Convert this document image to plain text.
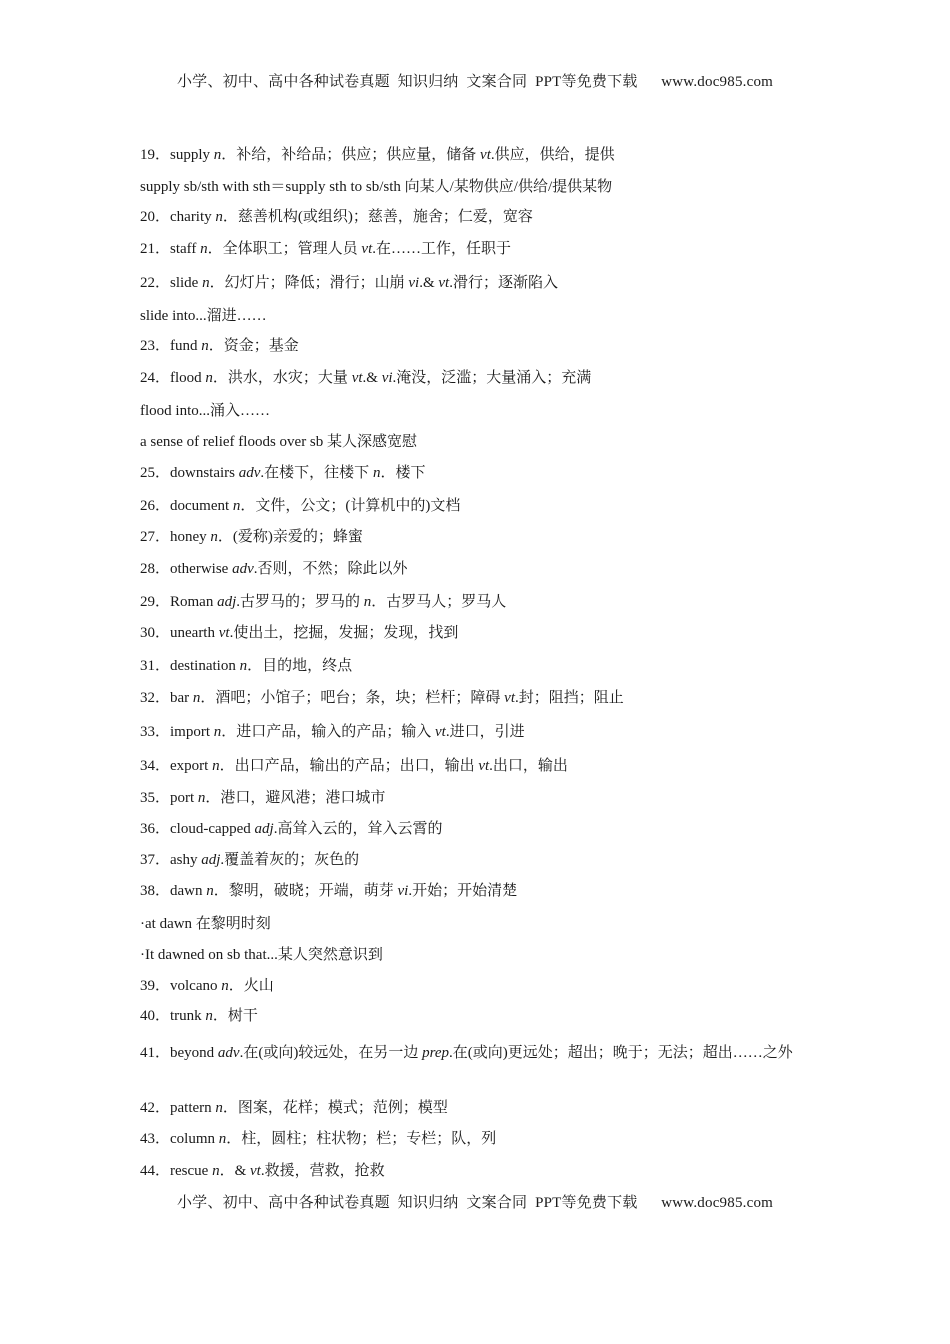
小学、初中、高中各种试卷真题  知识归纳  文案合同  PPT等免费下载      www.doc985.com
19．supply n．补给，补给品；供应；供应量，储备 vt.供应，供给，提供
supply sb/sth with sth＝supply sth to sb/sth 向某人/某物供应/供给/提供某物
20．charity n．慈善机构(或组织)；慈善，施舍；仁爱，宽容
21．staff n．全体职工；管理人员 vt.在……工作，任职于
22．slide n．幻灯片；降低；滑行；山崩 vi.& vt.滑行；逐渐陷入
slide into...溜进……
23．fund n．资金；基金
24．flood n．洪水，水灾；大量 vt.& vi.淹没，泛滥；大量涌入；充满
flood into...涌入……
a sense of relief floods over sb 某人深感宽慰
25．downstairs adv.在楼下，往楼下 n．楼下
26．document n．文件，公文；(计算机中的)文档
27．honey n．(爱称)亲爱的；蜂蜜
28．otherwise adv.否则，不然；除此以外
29．Roman adj.古罗马的；罗马的 n．古罗马人；罗马人
30．unearth vt.使出土，挖掘，发掘；发现，找到
31．destination n．目的地，终点
32．bar n．酒吧；小馆子；吧台；条，块；栏杆；障碍 vt.封；阻挡；阻止
33．import n．进口产品，输入的产品；输入 vt.进口，引进
34．export n．出口产品，输出的产品；出口，输出 vt.出口，输出
35．port n．港口，避风港；港口城市
36．cloud-capped adj.高耸入云的，耸入云霄的
37．ashy adj.覆盖着灰的；灰色的
38．dawn n．黎明，破晓；开端，萌芽 vi.开始；开始清楚
·at dawn 在黎明时刻
·It dawned on sb that...某人突然意识到
39．volcano n．火山
40．trunk n．树干
41．beyond adv.在(或向)较远处，在另一边 prep.在(或向)更远处；超出；晚于；无法；超出……之外
42．pattern n．图案，花样；模式；范例；模型
43．column n．柱，圆柱；柱状物；栏；专栏；队，列
44．rescue n．& vt.救援，营救，抢救
小学、初中、高中各种试卷真题  知识归纳  文案合同  PPT等免费下载      www.doc985.com
